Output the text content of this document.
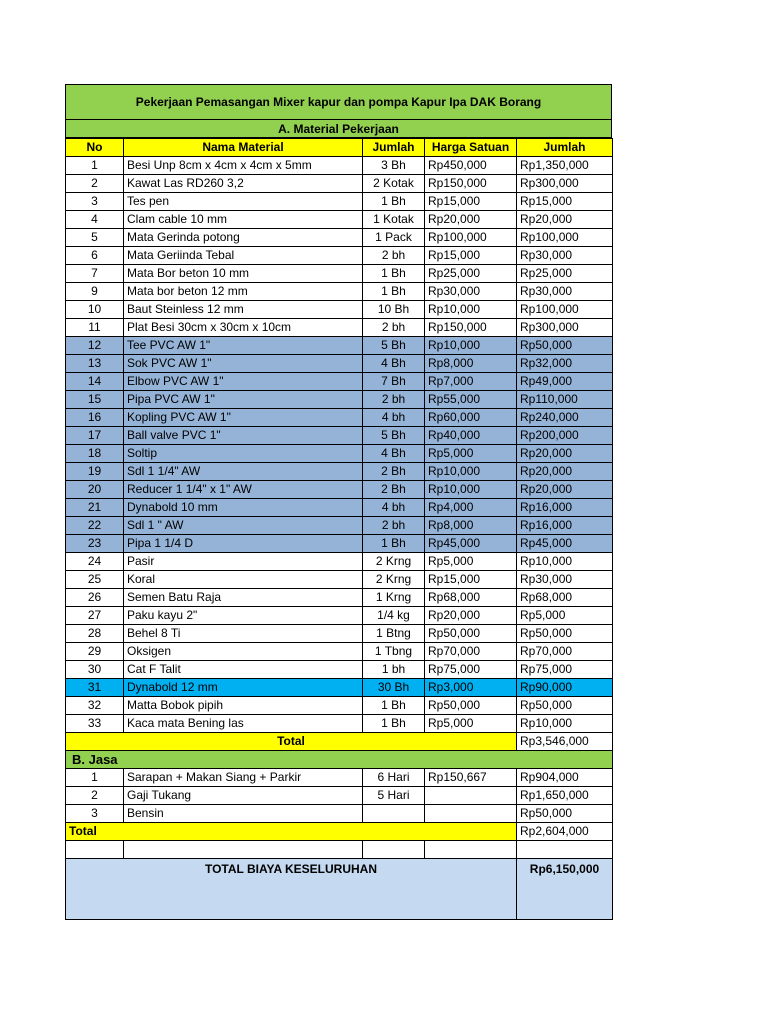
Pekerjaan Pemasangan Mixer kapur dan pompa Kapur Ipa DAK Borang
A. Material Pekerjaan
No	Nama Material	Jumlah	Harga Satuan	Jumlah
1	Besi Unp 8cm x 4cm x 4cm x 5mm	3 Bh	Rp450,000	Rp1,350,000
2	Kawat Las RD260 3,2	2 Kotak	Rp150,000	Rp300,000
3	Tes pen	1 Bh	Rp15,000	Rp15,000
4	Clam cable 10 mm	1 Kotak	Rp20,000	Rp20,000
5	Mata Gerinda potong	1 Pack	Rp100,000	Rp100,000
6	Mata Geriinda Tebal	2 bh	Rp15,000	Rp30,000
7	Mata Bor beton 10 mm	1 Bh	Rp25,000	Rp25,000
9	Mata bor beton 12 mm	1 Bh	Rp30,000	Rp30,000
10	Baut Steinless 12 mm	10 Bh	Rp10,000	Rp100,000
11	Plat Besi 30cm x 30cm x 10cm	2 bh	Rp150,000	Rp300,000
12	Tee PVC AW 1"	5 Bh	Rp10,000	Rp50,000
13	Sok PVC AW 1"	4 Bh	Rp8,000	Rp32,000
14	Elbow PVC AW 1"	7 Bh	Rp7,000	Rp49,000
15	Pipa PVC AW 1"	2 bh	Rp55,000	Rp110,000
16	Kopling PVC AW 1"	4 bh	Rp60,000	Rp240,000
17	Ball valve PVC 1"	5 Bh	Rp40,000	Rp200,000
18	Soltip	4 Bh	Rp5,000	Rp20,000
19	Sdl 1 1/4" AW	2 Bh	Rp10,000	Rp20,000
20	Reducer 1 1/4" x 1" AW	2 Bh	Rp10,000	Rp20,000
21	Dynabold 10 mm	4 bh	Rp4,000	Rp16,000
22	Sdl 1 " AW	2 bh	Rp8,000	Rp16,000
23	Pipa 1 1/4 D	1 Bh	Rp45,000	Rp45,000
24	Pasir	2 Krng	Rp5,000	Rp10,000
25	Koral	2 Krng	Rp15,000	Rp30,000
26	Semen Batu Raja	1 Krng	Rp68,000	Rp68,000
27	Paku kayu 2"	1/4 kg	Rp20,000	Rp5,000
28	Behel 8 Ti	1 Btng	Rp50,000	Rp50,000
29	Oksigen	1 Tbng	Rp70,000	Rp70,000
30	Cat F Talit	1 bh	Rp75,000	Rp75,000
31	Dynabold 12 mm	30 Bh	Rp3,000	Rp90,000
32	Matta Bobok pipih	1 Bh	Rp50,000	Rp50,000
33	Kaca mata Bening las	1 Bh	Rp5,000	Rp10,000
Total				Rp3,546,000
B. Jasa				
1	Sarapan + Makan Siang + Parkir	6 Hari	Rp150,667	Rp904,000
2	Gaji Tukang	5 Hari		Rp1,650,000
3	Bensin			Rp50,000
Total				Rp2,604,000

TOTAL BIAYA KESELURUHAN				Rp6,150,000
